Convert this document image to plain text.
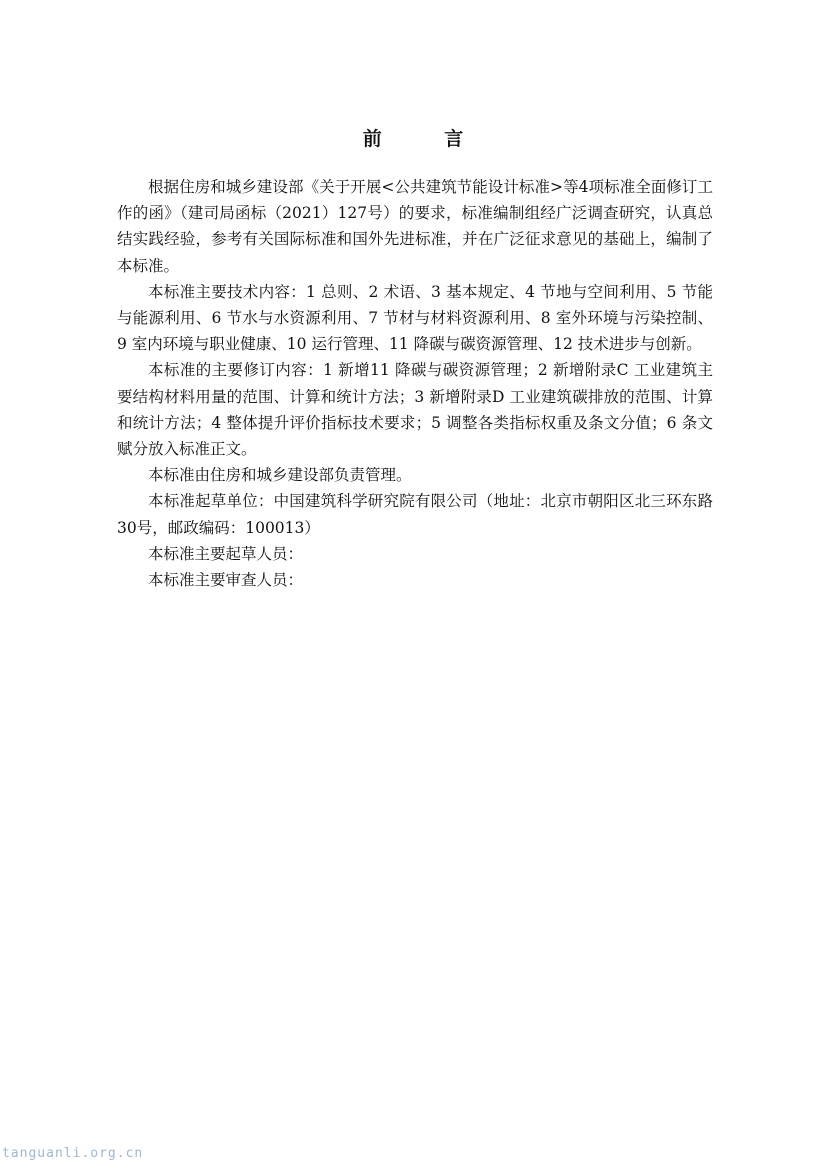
前 言

根据住房和城乡建设部《关于开展<公共建筑节能设计标准>等4项标准全面修订工作的函》（建司局函标（2021）127号）的要求，标准编制组经广泛调查研究，认真总结实践经验，参考有关国际标准和国外先进标准，并在广泛征求意见的基础上，编制了本标准。

本标准主要技术内容：1 总则、2 术语、3 基本规定、4 节地与空间利用、5 节能与能源利用、6 节水与水资源利用、7 节材与材料资源利用、8 室外环境与污染控制、9 室内环境与职业健康、10 运行管理、11 降碳与碳资源管理、12 技术进步与创新。

本标准的主要修订内容：1 新增11 降碳与碳资源管理；2 新增附录C 工业建筑主要结构材料用量的范围、计算和统计方法；3 新增附录D 工业建筑碳排放的范围、计算和统计方法；4 整体提升评价指标技术要求；5 调整各类指标权重及条文分值；6 条文赋分放入标准正文。

本标准由住房和城乡建设部负责管理。

本标准起草单位：中国建筑科学研究院有限公司（地址：北京市朝阳区北三环东路30号，邮政编码：100013）

本标准主要起草人员：

本标准主要审查人员：

tanguanli.org.cn
